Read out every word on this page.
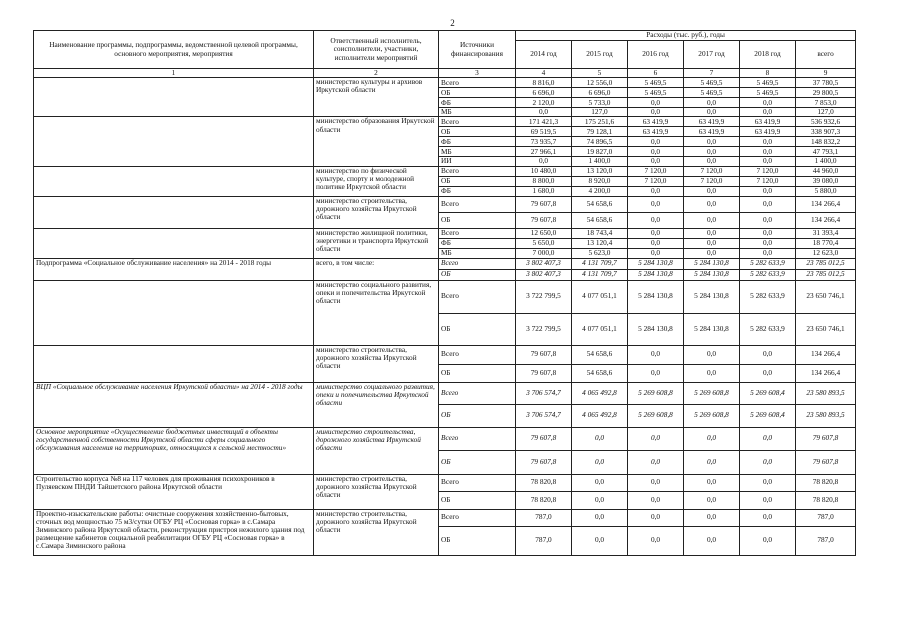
2
Наименование программы, подпрограммы, ведомственной целевой программы, основного мероприятия, мероприятия	Ответственный исполнитель, соисполнители, участники, исполнители мероприятий	Источники финансирования	Расходы (тыс. руб.), годы					
			2014 год	2015 год	2016 год	2017 год	2018 год	всего
1	2	3	4	5	6	7	8	9
	министерство культуры и архивов Иркутской области	Всего	8 816,0	12 556,0	5 469,5	5 469,5	5 469,5	37 780,5
		ОБ	6 696,0	6 696,0	5 469,5	5 469,5	5 469,5	29 800,5
		ФБ	2 120,0	5 733,0	0,0	0,0	0,0	7 853,0
		МБ	0,0	127,0	0,0	0,0	0,0	127,0
	министерство образования Иркутской области	Всего	171 421,3	175 251,6	63 419,9	63 419,9	63 419,9	536 932,6
		ОБ	69 519,5	79 128,1	63 419,9	63 419,9	63 419,9	338 907,3
		ФБ	73 935,7	74 896,5	0,0	0,0	0,0	148 832,2
		МБ	27 966,1	19 827,0	0,0	0,0	0,0	47 793,1
		ИИ	0,0	1 400,0	0,0	0,0	0,0	1 400,0
	министерство по физической культуре, спорту и молодежной политике Иркутской области	Всего	10 480,0	13 120,0	7 120,0	7 120,0	7 120,0	44 960,0
		ОБ	8 800,0	8 920,0	7 120,0	7 120,0	7 120,0	39 080,0
		ФБ	1 680,0	4 200,0	0,0	0,0	0,0	5 880,0
	министерство строительства, дорожного хозяйства Иркутской области	Всего	79 607,8	54 658,6	0,0	0,0	0,0	134 266,4
		ОБ	79 607,8	54 658,6	0,0	0,0	0,0	134 266,4
	министерство жилищной политики, энергетики и транспорта Иркутской области	Всего	12 650,0	18 743,4	0,0	0,0	0,0	31 393,4
		ФБ	5 650,0	13 120,4	0,0	0,0	0,0	18 770,4
		МБ	7 000,0	5 623,0	0,0	0,0	0,0	12 623,0
Подпрограмма «Социальное обслуживание населения» на 2014 - 2018 годы	всего, в том числе:	Всего	3 802 407,3	4 131 709,7	5 284 130,8	5 284 130,8	5 282 633,9	23 785 012,5
		ОБ	3 802 407,3	4 131 709,7	5 284 130,8	5 284 130,8	5 282 633,9	23 785 012,5
	министерство социального развития, опеки и попечительства Иркутской области	Всего	3 722 799,5	4 077 051,1	5 284 130,8	5 284 130,8	5 282 633,9	23 650 746,1
		ОБ	3 722 799,5	4 077 051,1	5 284 130,8	5 284 130,8	5 282 633,9	23 650 746,1
	министерство строительства, дорожного хозяйства Иркутской области	Всего	79 607,8	54 658,6	0,0	0,0	0,0	134 266,4
		ОБ	79 607,8	54 658,6	0,0	0,0	0,0	134 266,4
ВЦП «Социальное обслуживание населения Иркутской области» на 2014 - 2018 годы	министерство социального развития, опеки и попечительства Иркутской области	Всего	3 706 574,7	4 065 492,8	5 269 608,8	5 269 608,8	5 269 608,4	23 580 893,5
		ОБ	3 706 574,7	4 065 492,8	5 269 608,8	5 269 608,8	5 269 608,4	23 580 893,5
Основное мероприятие «Осуществление бюджетных инвестиций в объекты государственной собственности Иркутской области сферы социального обслуживания населения на территориях, относящихся к сельской местности»	министерство строительства, дорожного хозяйства Иркутской области	Всего	79 607,8	0,0	0,0	0,0	0,0	79 607,8
		ОБ	79 607,8	0,0	0,0	0,0	0,0	79 607,8
Строительство корпуса №8 на 117 человек для проживания психохроников в Пуляевском ПНДИ Тайшетского района Иркутской области	министерство строительства, дорожного хозяйства Иркутской области	Всего	78 820,8	0,0	0,0	0,0	0,0	78 820,8
		ОБ	78 820,8	0,0	0,0	0,0	0,0	78 820,8
Проектно-изыскательские работы: очистные сооружения хозяйственно-бытовых, сточных вод мощностью 75 м3/сутки ОГБУ РЦ «Сосновая горка» в с.Самара Зиминского района Иркутской области, реконструкция пристроя нежилого здания под размещение кабинетов социальной реабилитации ОГБУ РЦ «Сосновая горка» в с.Самара Зиминского района	министерство строительства, дорожного хозяйства Иркутской области	Всего	787,0	0,0	0,0	0,0	0,0	787,0
		ОБ	787,0	0,0	0,0	0,0	0,0	787,0
